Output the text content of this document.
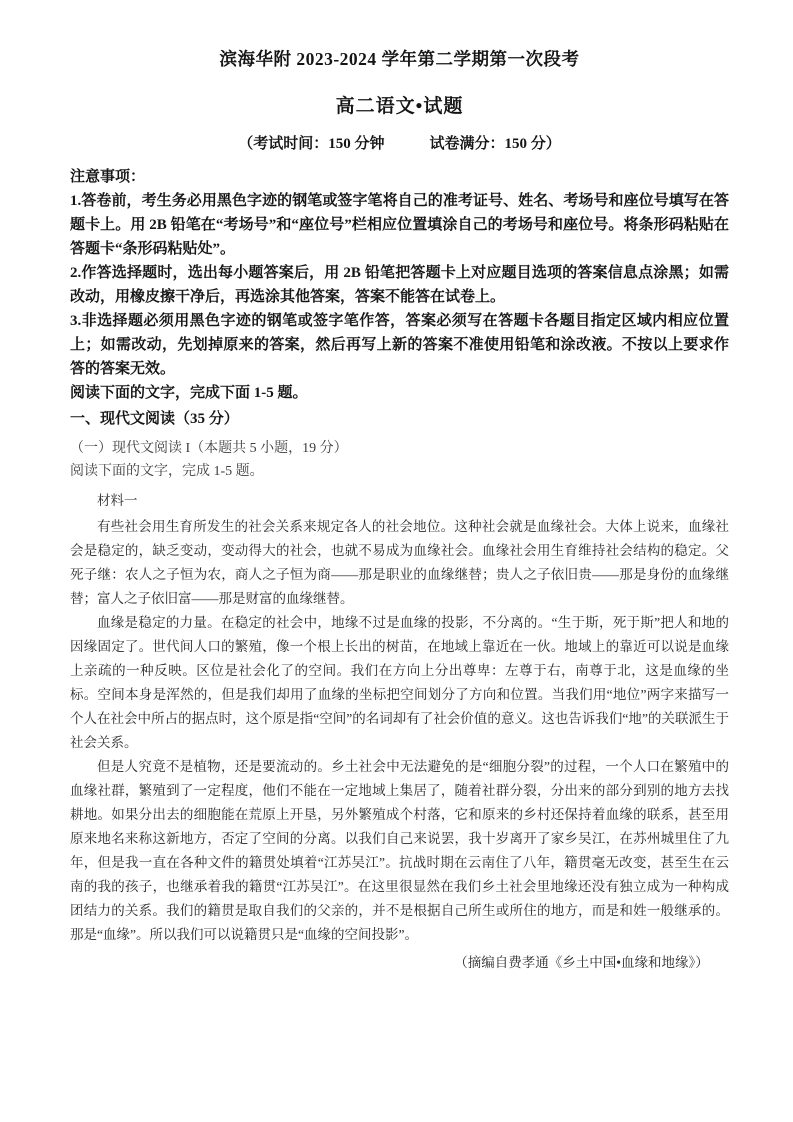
滨海华附 2023-2024 学年第二学期第一次段考
高二语文•试题
（考试时间：150 分钟　　　试卷满分：150 分）
注意事项：

1.答卷前，考生务必用黑色字迹的钢笔或签字笔将自己的准考证号、姓名、考场号和座位号填写在答题卡上。用 2B 铅笔在“考场号”和“座位号”栏相应位置填涂自己的考场号和座位号。将条形码粘贴在答题卡“条形码粘贴处”。

2.作答选择题时，选出每小题答案后，用 2B 铅笔把答题卡上对应题目选项的答案信息点涂黑；如需改动，用橡皮擦干净后，再选涂其他答案，答案不能答在试卷上。

3.非选择题必须用黑色字迹的钢笔或签字笔作答，答案必须写在答题卡各题目指定区域内相应位置上；如需改动，先划掉原来的答案，然后再写上新的答案不准使用铅笔和涂改液。不按以上要求作答的答案无效。

阅读下面的文字，完成下面 1-5 题。

一、现代文阅读（35 分）

（一）现代文阅读 I（本题共 5 小题，19 分）

阅读下面的文字，完成 1-5 题。

材料一

有些社会用生育所发生的社会关系来规定各人的社会地位。这种社会就是血缘社会。大体上说来，血缘社会是稳定的，缺乏变动，变动得大的社会，也就不易成为血缘社会。血缘社会用生育维持社会结构的稳定。父死子继：农人之子恒为农，商人之子恒为商——那是职业的血缘继替；贵人之子依旧贵——那是身份的血缘继替；富人之子依旧富——那是财富的血缘继替。

血缘是稳定的力量。在稳定的社会中，地缘不过是血缘的投影，不分离的。“生于斯，死于斯”把人和地的因缘固定了。世代间人口的繁殖，像一个根上长出的树苗，在地域上靠近在一伙。地域上的靠近可以说是血缘上亲疏的一种反映。区位是社会化了的空间。我们在方向上分出尊卑：左尊于右，南尊于北，这是血缘的坐标。空间本身是浑然的，但是我们却用了血缘的坐标把空间划分了方向和位置。当我们用“地位”两字来描写一个人在社会中所占的据点时，这个原是指“空间”的名词却有了社会价值的意义。这也告诉我们“地”的关联派生于社会关系。

但是人究竟不是植物，还是要流动的。乡土社会中无法避免的是“细胞分裂”的过程，一个人口在繁殖中的血缘社群，繁殖到了一定程度，他们不能在一定地域上集居了，随着社群分裂，分出来的部分到别的地方去找耕地。如果分出去的细胞能在荒原上开垦，另外繁殖成个村落，它和原来的乡村还保持着血缘的联系，甚至用原来地名来称这新地方，否定了空间的分离。以我们自己来说罢，我十岁离开了家乡吴江，在苏州城里住了九年，但是我一直在各种文件的籍贯处填着“江苏吴江”。抗战时期在云南住了八年，籍贯毫无改变，甚至生在云南的我的孩子，也继承着我的籍贯“江苏吴江”。在这里很显然在我们乡土社会里地缘还没有独立成为一种构成团结力的关系。我们的籍贯是取自我们的父亲的，并不是根据自己所生或所住的地方，而是和姓一般继承的。那是“血缘”。所以我们可以说籍贯只是“血缘的空间投影”。

（摘编自费孝通《乡土中国•血缘和地缘》）
